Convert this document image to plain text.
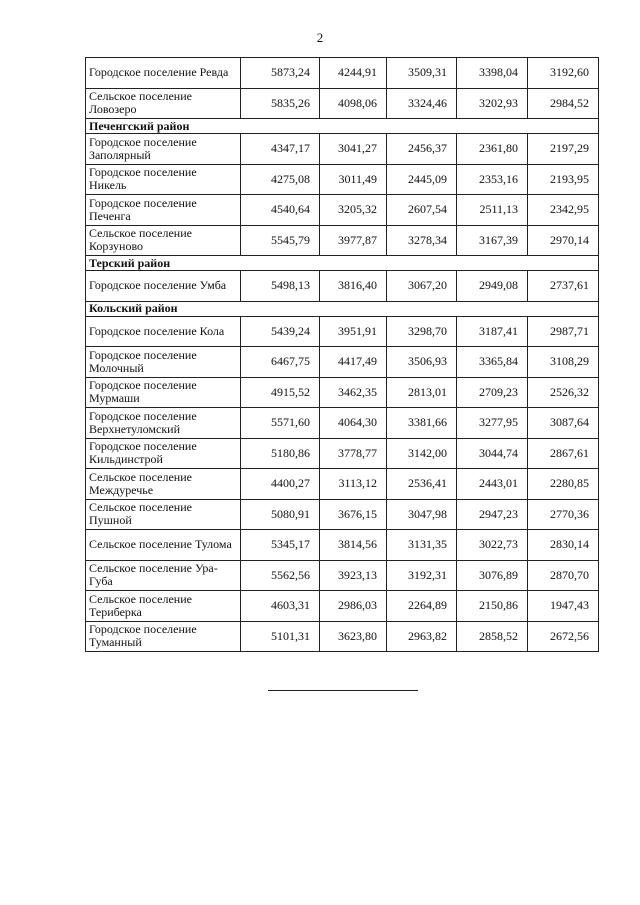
2
Городское поселение Ревда	5873,24	4244,91	3509,31	3398,04	3192,60
Сельское поселение Ловозеро	5835,26	4098,06	3324,46	3202,93	2984,52
Печенгский район					
Городское поселение Заполярный	4347,17	3041,27	2456,37	2361,80	2197,29
Городское поселение Никель	4275,08	3011,49	2445,09	2353,16	2193,95
Городское поселение Печенга	4540,64	3205,32	2607,54	2511,13	2342,95
Сельское поселение Корзуново	5545,79	3977,87	3278,34	3167,39	2970,14
Терский район					
Городское поселение Умба	5498,13	3816,40	3067,20	2949,08	2737,61
Кольский район					
Городское поселение Кола	5439,24	3951,91	3298,70	3187,41	2987,71
Городское поселение Молочный	6467,75	4417,49	3506,93	3365,84	3108,29
Городское поселение Мурмаши	4915,52	3462,35	2813,01	2709,23	2526,32
Городское поселение Верхнетуломский	5571,60	4064,30	3381,66	3277,95	3087,64
Городское поселение Кильдинстрой	5180,86	3778,77	3142,00	3044,74	2867,61
Сельское поселение Междуречье	4400,27	3113,12	2536,41	2443,01	2280,85
Сельское поселение Пушной	5080,91	3676,15	3047,98	2947,23	2770,36
Сельское поселение Тулома	5345,17	3814,56	3131,35	3022,73	2830,14
Сельское поселение Ура-Губа	5562,56	3923,13	3192,31	3076,89	2870,70
Сельское поселение Териберка	4603,31	2986,03	2264,89	2150,86	1947,43
Городское поселение Туманный	5101,31	3623,80	2963,82	2858,52	2672,56
